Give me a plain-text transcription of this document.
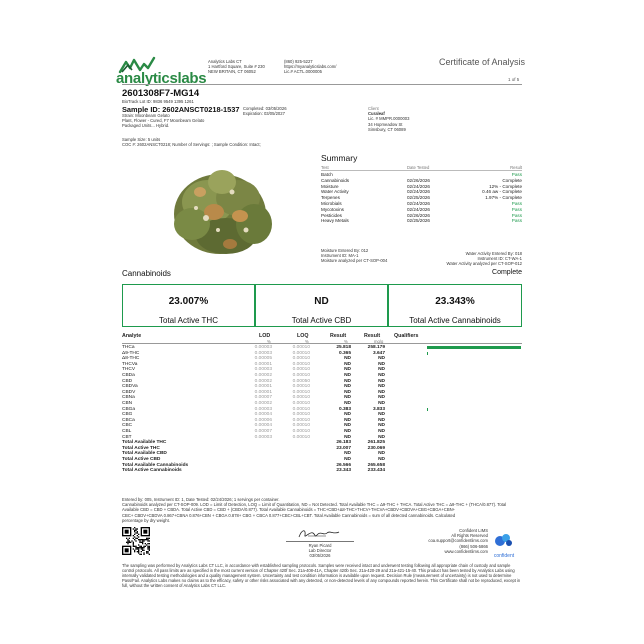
analyticslabs
Analytics Labs CT
1 Hartford Square, Suite # 230
NEW BRITAIN, CT 06052
(860) 925-5227
https://myanalyticslabs.com/
Lic.# ACTL.0000005
Certificate of Analysis
1 of 5
2601308F7-MG14
BioTrack Lot ID: 9836 9549 1395 1261
Sample ID: 2602ANSCT0218-1537
Strain: Moonbeam Gelato
Plant, Flower - Cured, F7 Moonbeam Gelato
Packaged Units... Hybrid.
Completed: 03/05/2026
Expiration: 03/05/2027
Client
Curaleaf
Lic. # MMPR.0000003
34 Hopmeadow St
Simsbury, CT 06089
Sample Size: 5 units
COC #: 2602ANSCT0218; Number of Servings: ; Sample Condition: Intact;
Summary
Test	Date Tested	Result
Batch	Pass
Cannabinoids	02/26/2026	Complete
Moisture	02/24/2026	12% - Complete
Water Activity	02/24/2026	0.46 aw - Complete
Terpenes	02/25/2026	1.97% - Complete
Microbials	02/24/2026	Pass
Mycotoxins	02/24/2026	Pass
Pesticides	02/26/2026	Pass
Heavy Metals	02/25/2026	Pass
Moisture Entered By: 012
Instrument ID: MA-1
Moisture analyzed per CT-SOP-004
Water Activity Entered By: 018
Instrument ID: CT-WA-1
Water Activity analyzed per CT-SOP-012
Cannabinoids	Complete
23.007%
Total Active THC
ND
Total Active CBD
23.343%
Total Active Cannabinoids
Analyte	LOD	LOQ	Result	Result	Qualifiers
%	%	%	mg/g
THCa	0.00003	0.00010	25.818	258.179
Δ9-THC	0.00003	0.00010	0.365	3.647
Δ8-THC	0.00005	0.00010	ND	ND
THCVa	0.00001	0.00010	ND	ND
THCV	0.00003	0.00010	ND	ND
CBDa	0.00002	0.00010	ND	ND
CBD	0.00002	0.00050	ND	ND
CBDVa	0.00001	0.00010	ND	ND
CBDV	0.00001	0.00010	ND	ND
CBNa	0.00007	0.00010	ND	ND
CBN	0.00002	0.00010	ND	ND
CBGa	0.00003	0.00010	0.383	3.833
CBG	0.00004	0.00010	ND	ND
CBCa	0.00006	0.00010	ND	ND
CBC	0.00004	0.00010	ND	ND
CBL	0.00007	0.00010	ND	ND
CBT	0.00003	0.00010	ND	ND
Total Available THC	26.183	261.825
Total Active THC	23.007	230.069
Total Available CBD	ND	ND
Total Active CBD	ND	ND
Total Available Cannabinoids	26.566	265.658
Total Active Cannabinoids	23.343	233.434
Entered by: 005, Instrument ID: 1, Date Tested: 02/24/2026; 1 servings per container.
Cannabinoids analyzed per CT-SOP-009. LOD = Limit of Detection, LOQ = Limit of Quantitation, ND = Not Detected. Total Available THC = Δ9-THC + THCA. Total Active THC = Δ9-THC + (THCA/0.877). Total Available CBD = CBD + CBDA. Total Active CBD = CBD + (CBDA/0.877). Total Available Cannabinoids = THC+CBD+Δ8-THC+THCV+THCVA+CBDV+CBDVA+CBG+CBGA+CBN+
CBC+ CBDV+CBDVA 0.867+CBNA 0.876+CBN + CBGA 0.878+ CBG + CBCA 0.877+CBC+CBL+CBT. Total Available Cannabinoids = sum of all detected cannabinoids. Calculated
percentage by dry weight.
Ryan Picard
Lab Director
03/05/2026
Confident LIMS
All Rights Reserved
coa.support@confidentlims.com
(866) 506-5866
www.confidentlims.com
confident
The sampling was performed by Analytics Labs CT LLC, in accordance with established sampling protocols. Samples were received intact and underwent testing following all appropriate chain of custody and sample control protocols. All pass limits are as specified in the most current version of Chapter 420f Sec. 21a-408-41A, Chapter 420b Sec. 21a-420-29 and 21a-421-15-40. This product has been tested by Analytics Labs using internally validated testing methodologies and a quality management system. Uncertainty and test condition information is available upon request. Decision Rule (measurement of uncertainty) is not used to determine Pass/Fail. Analytics Labs makes no claims as to the efficacy, safety or other risks associated with any detected, or non-detected levels of any compounds reported herein. This Certificate shall not be reproduced, except in full, without the written consent of Analytics Labs CT LLC.
